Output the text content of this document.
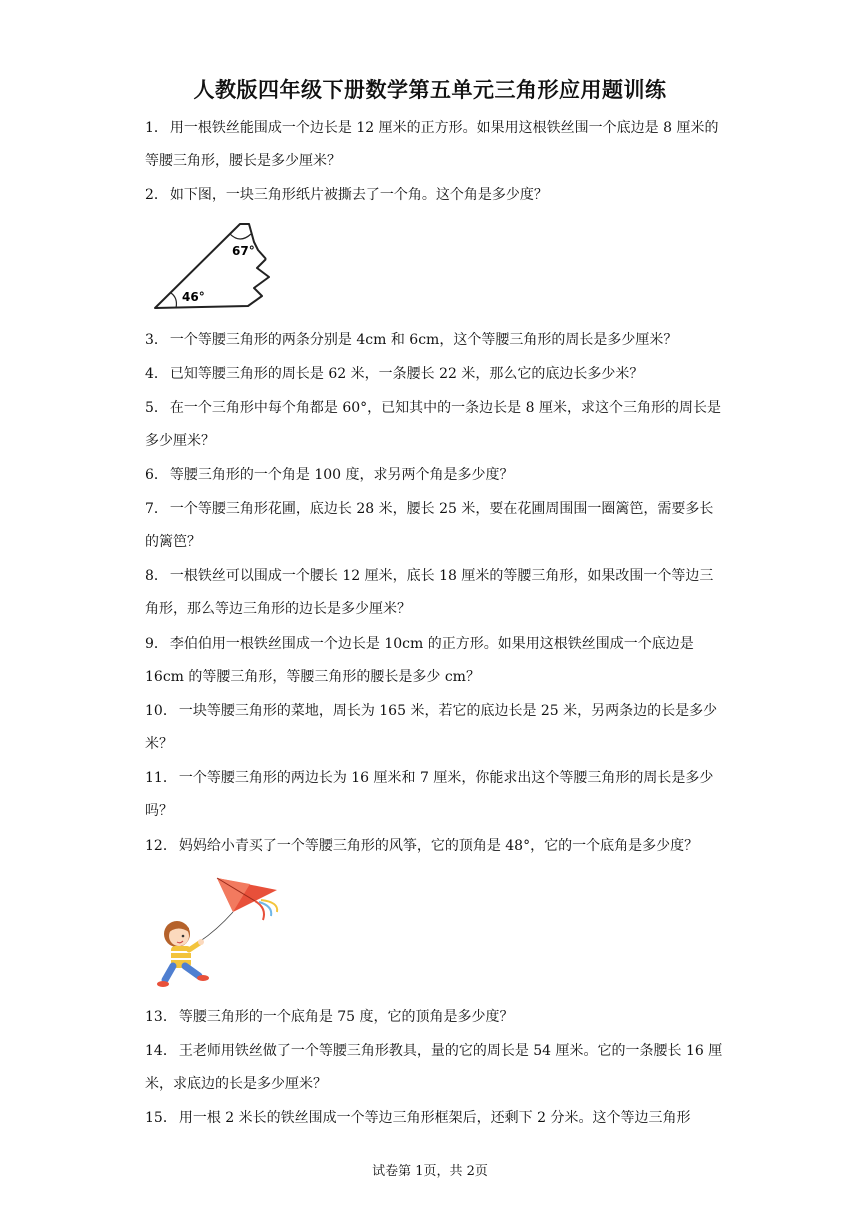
人教版四年级下册数学第五单元三角形应用题训练
1． 用一根铁丝能围成一个边长是 12 厘米的正方形。如果用这根铁丝围一个底边是 8 厘米的等腰三角形，腰长是多少厘米？
2． 如下图，一块三角形纸片被撕去了一个角。这个角是多少度？
67°
46°
3． 一个等腰三角形的两条分别是 4cm 和 6cm，这个等腰三角形的周长是多少厘米？
4． 已知等腰三角形的周长是 62 米，一条腰长 22 米，那么它的底边长多少米？
5． 在一个三角形中每个角都是 60°，已知其中的一条边长是 8 厘米，求这个三角形的周长是多少厘米？
6． 等腰三角形的一个角是 100 度，求另两个角是多少度？
7． 一个等腰三角形花圃，底边长 28 米，腰长 25 米，要在花圃周围围一圈篱笆，需要多长的篱笆？
8． 一根铁丝可以围成一个腰长 12 厘米，底长 18 厘米的等腰三角形，如果改围一个等边三角形，那么等边三角形的边长是多少厘米？
9． 李伯伯用一根铁丝围成一个边长是 10cm 的正方形。如果用这根铁丝围成一个底边是 16cm 的等腰三角形，等腰三角形的腰长是多少 cm？
10． 一块等腰三角形的菜地，周长为 165 米，若它的底边长是 25 米，另两条边的长是多少米？
11． 一个等腰三角形的两边长为 16 厘米和 7 厘米，你能求出这个等腰三角形的周长是多少吗？
12． 妈妈给小青买了一个等腰三角形的风筝，它的顶角是 48°，它的一个底角是多少度？
13． 等腰三角形的一个底角是 75 度，它的顶角是多少度？
14． 王老师用铁丝做了一个等腰三角形教具，量的它的周长是 54 厘米。它的一条腰长 16 厘米，求底边的长是多少厘米？
15． 用一根 2 米长的铁丝围成一个等边三角形框架后，还剩下 2 分米。这个等边三角形
试卷第 1页，共 2页
